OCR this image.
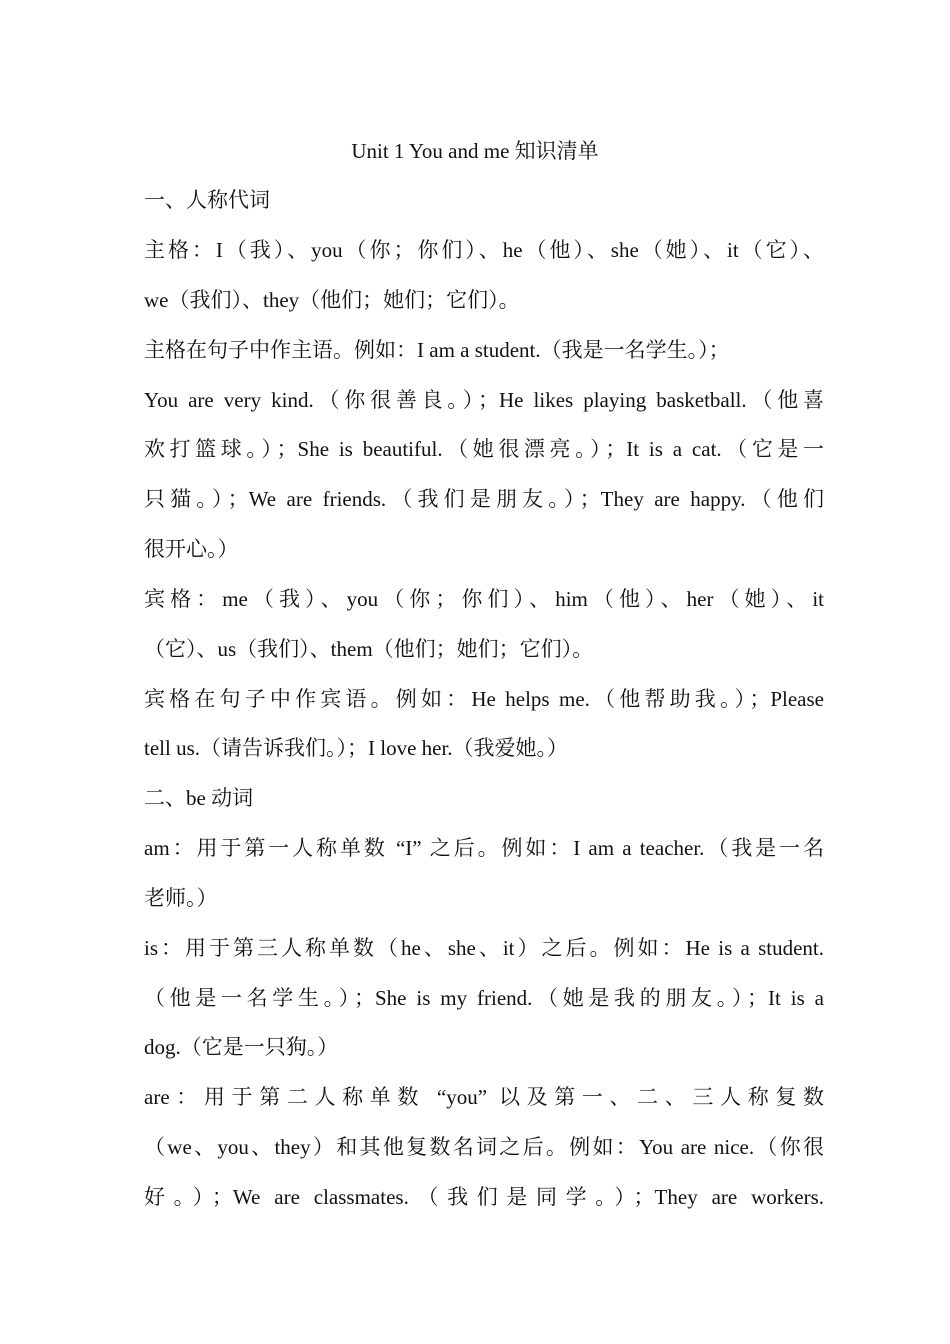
Unit 1 You and me 知识清单
一、人称代词
主格：I（我）、you（你；你们）、he（他）、she（她）、it（它）、
we（我们）、they（他们；她们；它们）。
主格在句子中作主语。例如：I am a student.（我是一名学生。）；
You are very kind.（你很善良。）；He likes playing basketball.（他喜
欢打篮球。）；She is beautiful.（她很漂亮。）；It is a cat.（它是一
只猫。）；We are friends.（我们是朋友。）；They are happy.（他们
很开心。）
宾格：me（我）、you（你；你们）、him（他）、her（她）、it
（它）、us（我们）、them（他们；她们；它们）。
宾格在句子中作宾语。例如：He helps me.（他帮助我。）；Please
tell us.（请告诉我们。）；I love her.（我爱她。）
二、be 动词
am：用于第一人称单数 “I” 之后。例如：I am a teacher.（我是一名
老师。）
is：用于第三人称单数（he、she、it）之后。例如：He is a student.
（他是一名学生。）；She is my friend.（她是我的朋友。）；It is a
dog.（它是一只狗。）
are：用于第二人称单数 “you” 以及第一、二、三人称复数
（we、you、they）和其他复数名词之后。例如：You are nice.（你很
好。）；We are classmates.（我们是同学。）；They are workers.
